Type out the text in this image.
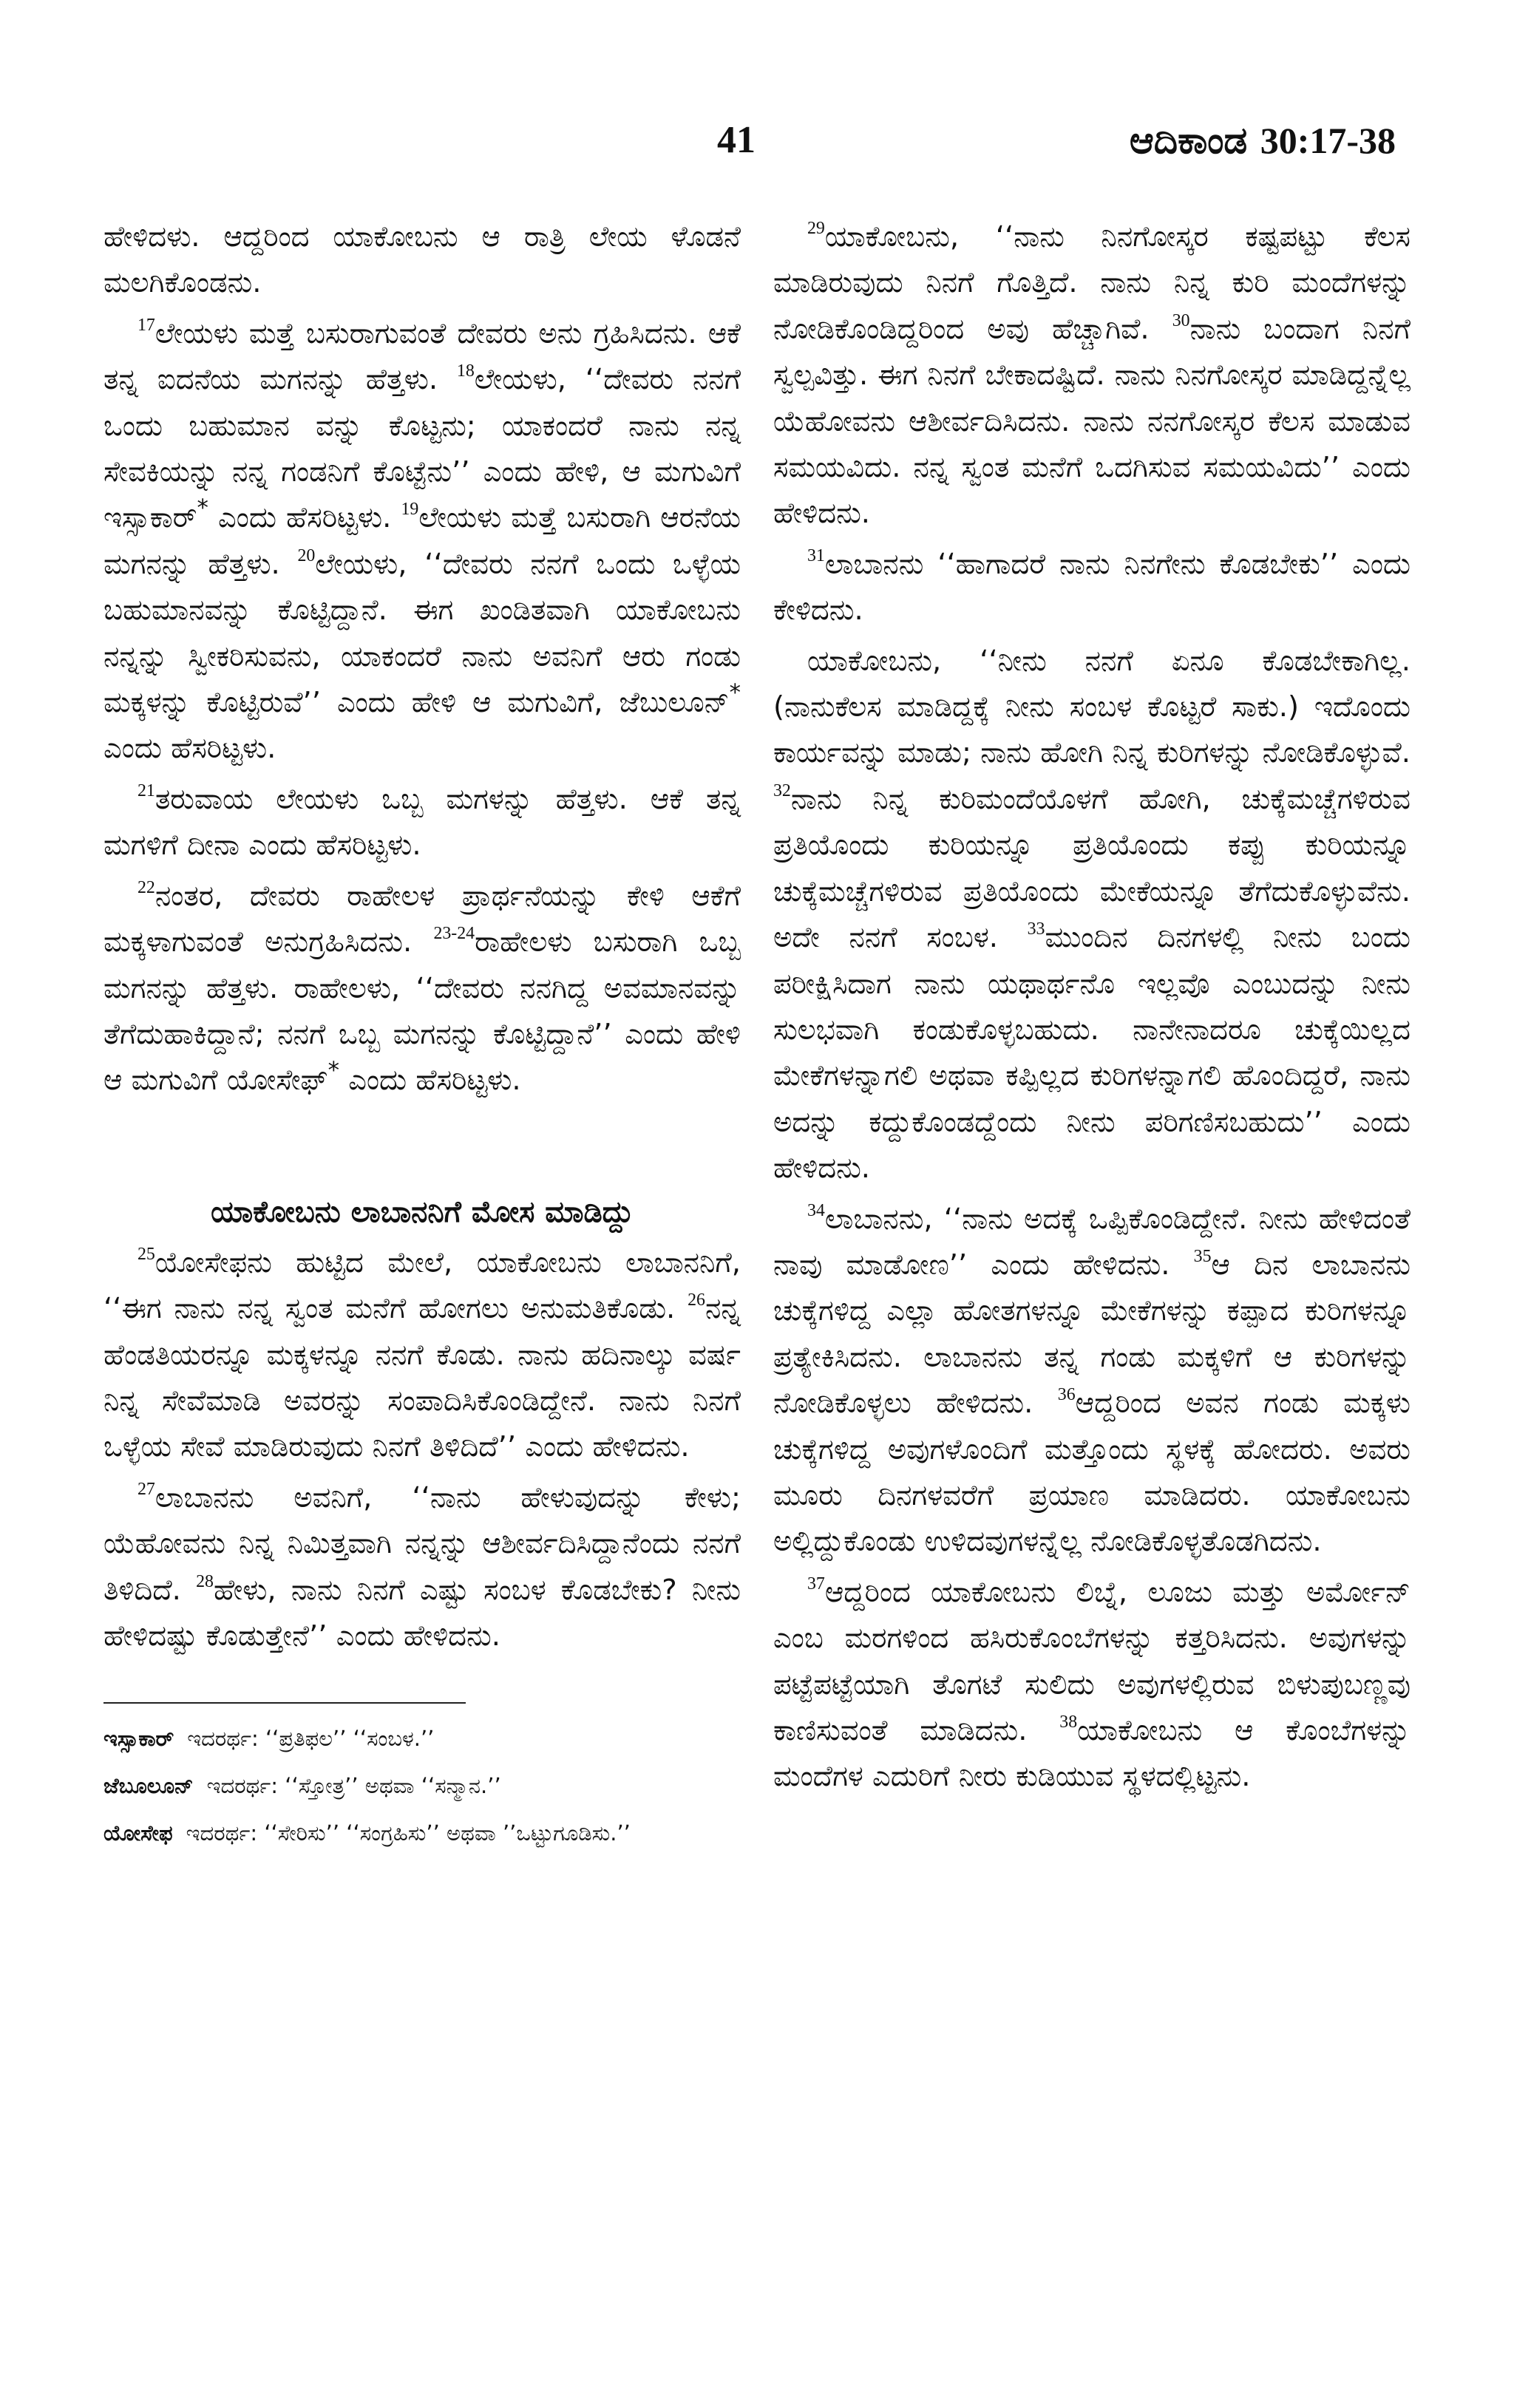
41	ಆದಿಕಾಂಡ 30:17-38

ಹೇಳಿದಳು. ಆದ್ದರಿಂದ ಯಾಕೋಬನು ಆ ರಾತ್ರಿ ಲೇಯ ಳೊಡನೆ ಮಲಗಿಕೊಂಡನು.

$^{17}$ಲೇಯಳು ಮತ್ತೆ ಬಸುರಾಗುವಂತೆ ದೇವರು ಅನು ಗ್ರಹಿಸಿದನು. ಆಕೆ ತನ್ನ ಐದನೆಯ ಮಗನನ್ನು ಹೆತ್ತಳು. $^{18}$ಲೇಯಳು, ‘‘ದೇವರು ನನಗೆ ಒಂದು ಬಹುಮಾನ ವನ್ನು ಕೊಟ್ಟನು; ಯಾಕಂದರೆ ನಾನು ನನ್ನ ಸೇವಕಿಯನ್ನು ನನ್ನ ಗಂಡನಿಗೆ ಕೊಟ್ಟೆನು’’ ಎಂದು ಹೇಳಿ, ಆ ಮಗುವಿಗೆ ಇಸ್ಸಾಕಾರ್* ಎಂದು ಹೆಸರಿಟ್ಟಳು. $^{19}$ಲೇಯಳು ಮತ್ತೆ ಬಸುರಾಗಿ ಆರನೆಯ ಮಗನನ್ನು ಹೆತ್ತಳು. $^{20}$ಲೇಯಳು, ‘‘ದೇವರು ನನಗೆ ಒಂದು ಒಳ್ಳೆಯ ಬಹುಮಾನವನ್ನು ಕೊಟ್ಟಿದ್ದಾನೆ. ಈಗ ಖಂಡಿತವಾಗಿ ಯಾಕೋಬನು ನನ್ನನ್ನು ಸ್ವೀಕರಿಸುವನು, ಯಾಕಂದರೆ ನಾನು ಅವನಿಗೆ ಆರು ಗಂಡು ಮಕ್ಕಳನ್ನು ಕೊಟ್ಟಿರುವೆ’’ ಎಂದು ಹೇಳಿ ಆ ಮಗುವಿಗೆ, ಜೆಬುಲೂನ್* ಎಂದು ಹೆಸರಿಟ್ಟಳು.

$^{21}$ತರುವಾಯ ಲೇಯಳು ಒಬ್ಬ ಮಗಳನ್ನು ಹೆತ್ತಳು. ಆಕೆ ತನ್ನ ಮಗಳಿಗೆ ದೀನಾ ಎಂದು ಹೆಸರಿಟ್ಟಳು.

$^{22}$ನಂತರ, ದೇವರು ರಾಹೇಲಳ ಪ್ರಾರ್ಥನೆಯನ್ನು ಕೇಳಿ ಆಕೆಗೆ ಮಕ್ಕಳಾಗುವಂತೆ ಅನುಗ್ರಹಿಸಿದನು. $^{23-24}$ರಾಹೇಲಳು ಬಸುರಾಗಿ ಒಬ್ಬ ಮಗನನ್ನು ಹೆತ್ತಳು. ರಾಹೇಲಳು, ‘‘ದೇವರು ನನಗಿದ್ದ ಅವಮಾನವನ್ನು ತೆಗೆದುಹಾಕಿದ್ದಾನೆ; ನನಗೆ ಒಬ್ಬ ಮಗನನ್ನು ಕೊಟ್ಟಿದ್ದಾನೆ’’ ಎಂದು ಹೇಳಿ ಆ ಮಗುವಿಗೆ ಯೋಸೇಫ್* ಎಂದು ಹೆಸರಿಟ್ಟಳು.

ಯಾಕೋಬನು ಲಾಬಾನನಿಗೆ ಮೋಸ ಮಾಡಿದ್ದು

$^{25}$ಯೋಸೇಫನು ಹುಟ್ಟಿದ ಮೇಲೆ, ಯಾಕೋಬನು ಲಾಬಾನನಿಗೆ, ‘‘ಈಗ ನಾನು ನನ್ನ ಸ್ವಂತ ಮನೆಗೆ ಹೋಗಲು ಅನುಮತಿಕೊಡು. $^{26}$ನನ್ನ ಹೆಂಡತಿಯರನ್ನೂ ಮಕ್ಕಳನ್ನೂ ನನಗೆ ಕೊಡು. ನಾನು ಹದಿನಾಲ್ಕು ವರ್ಷ ನಿನ್ನ ಸೇವೆಮಾಡಿ ಅವರನ್ನು ಸಂಪಾದಿಸಿಕೊಂಡಿದ್ದೇನೆ. ನಾನು ನಿನಗೆ ಒಳ್ಳೆಯ ಸೇವೆ ಮಾಡಿರುವುದು ನಿನಗೆ ತಿಳಿದಿದೆ’’ ಎಂದು ಹೇಳಿದನು.

$^{27}$ಲಾಬಾನನು ಅವನಿಗೆ, ‘‘ನಾನು ಹೇಳುವುದನ್ನು ಕೇಳು; ಯೆಹೋವನು ನಿನ್ನ ನಿಮಿತ್ತವಾಗಿ ನನ್ನನ್ನು ಆಶೀರ್ವದಿಸಿದ್ದಾನೆಂದು ನನಗೆ ತಿಳಿದಿದೆ. $^{28}$ಹೇಳು, ನಾನು ನಿನಗೆ ಎಷ್ಟು ಸಂಬಳ ಕೊಡಬೇಕು? ನೀನು ಹೇಳಿದಷ್ಟು ಕೊಡುತ್ತೇನೆ’’ ಎಂದು ಹೇಳಿದನು.

ಇಸ್ಸಾಕಾರ್ ಇದರರ್ಥ: ‘‘ಪ್ರತಿಫಲ’’ ‘‘ಸಂಬಳ.’’

ಜೆಬೂಲೂನ್ ಇದರರ್ಥ: ‘‘ಸ್ತೋತ್ರ’’ ಅಥವಾ ‘‘ಸನ್ಮಾನ.’’

ಯೋಸೇಫ ಇದರರ್ಥ: ‘‘ಸೇರಿಸು’’ ‘‘ಸಂಗ್ರಹಿಸು’’ ಅಥವಾ ’’ಒಟ್ಟುಗೂಡಿಸು.’’

$^{29}$ಯಾಕೋಬನು, ‘‘ನಾನು ನಿನಗೋಸ್ಕರ ಕಷ್ಟಪಟ್ಟು ಕೆಲಸ ಮಾಡಿರುವುದು ನಿನಗೆ ಗೊತ್ತಿದೆ. ನಾನು ನಿನ್ನ ಕುರಿ ಮಂದೆಗಳನ್ನು ನೋಡಿಕೊಂಡಿದ್ದರಿಂದ ಅವು ಹೆಚ್ಚಾಗಿವೆ. $^{30}$ನಾನು ಬಂದಾಗ ನಿನಗೆ ಸ್ವಲ್ಪವಿತ್ತು. ಈಗ ನಿನಗೆ ಬೇಕಾದಷ್ಟಿದೆ. ನಾನು ನಿನಗೋಸ್ಕರ ಮಾಡಿದ್ದನ್ನೆಲ್ಲ ಯೆಹೋವನು ಆಶೀರ್ವದಿಸಿದನು. ನಾನು ನನಗೋಸ್ಕರ ಕೆಲಸ ಮಾಡುವ ಸಮಯವಿದು. ನನ್ನ ಸ್ವಂತ ಮನೆಗೆ ಒದಗಿಸುವ ಸಮಯವಿದು’’ ಎಂದು ಹೇಳಿದನು.

$^{31}$ಲಾಬಾನನು ‘‘ಹಾಗಾದರೆ ನಾನು ನಿನಗೇನು ಕೊಡಬೇಕು’’ ಎಂದು ಕೇಳಿದನು.

ಯಾಕೋಬನು, ‘‘ನೀನು ನನಗೆ ಏನೂ ಕೊಡಬೇಕಾಗಿಲ್ಲ. (ನಾನುಕೆಲಸ ಮಾಡಿದ್ದಕ್ಕೆ ನೀನು ಸಂಬಳ ಕೊಟ್ಟರೆ ಸಾಕು.) ಇದೊಂದು ಕಾರ್ಯವನ್ನು ಮಾಡು; ನಾನು ಹೋಗಿ ನಿನ್ನ ಕುರಿಗಳನ್ನು ನೋಡಿಕೊಳ್ಳುವೆ. $^{32}$ನಾನು ನಿನ್ನ ಕುರಿಮಂದೆಯೊಳಗೆ ಹೋಗಿ, ಚುಕ್ಕೆಮಚ್ಚೆಗಳಿರುವ ಪ್ರತಿಯೊಂದು ಕುರಿಯನ್ನೂ ಪ್ರತಿಯೊಂದು ಕಪ್ಪು ಕುರಿಯನ್ನೂ ಚುಕ್ಕೆಮಚ್ಚೆಗಳಿರುವ ಪ್ರತಿಯೊಂದು ಮೇಕೆಯನ್ನೂ ತೆಗೆದುಕೊಳ್ಳುವೆನು. ಅದೇ ನನಗೆ ಸಂಬಳ. $^{33}$ಮುಂದಿನ ದಿನಗಳಲ್ಲಿ ನೀನು ಬಂದು ಪರೀಕ್ಷಿಸಿದಾಗ ನಾನು ಯಥಾರ್ಥನೊ ಇಲ್ಲವೊ ಎಂಬುದನ್ನು ನೀನು ಸುಲಭವಾಗಿ ಕಂಡುಕೊಳ್ಳಬಹುದು. ನಾನೇನಾದರೂ ಚುಕ್ಕೆಯಿಲ್ಲದ ಮೇಕೆಗಳನ್ನಾಗಲಿ ಅಥವಾ ಕಪ್ಪಿಲ್ಲದ ಕುರಿಗಳನ್ನಾಗಲಿ ಹೊಂದಿದ್ದರೆ, ನಾನು ಅದನ್ನು ಕದ್ದುಕೊಂಡದ್ದೆಂದು ನೀನು ಪರಿಗಣಿಸಬಹುದು’’ ಎಂದು ಹೇಳಿದನು.

$^{34}$ಲಾಬಾನನು, ‘‘ನಾನು ಅದಕ್ಕೆ ಒಪ್ಪಿಕೊಂಡಿದ್ದೇನೆ. ನೀನು ಹೇಳಿದಂತೆ ನಾವು ಮಾಡೋಣ’’ ಎಂದು ಹೇಳಿದನು. $^{35}$ಆ ದಿನ ಲಾಬಾನನು ಚುಕ್ಕೆಗಳಿದ್ದ ಎಲ್ಲಾ ಹೋತಗಳನ್ನೂ ಮೇಕೆಗಳನ್ನು ಕಪ್ಪಾದ ಕುರಿಗಳನ್ನೂ ಪ್ರತ್ಯೇಕಿಸಿದನು. ಲಾಬಾನನು ತನ್ನ ಗಂಡು ಮಕ್ಕಳಿಗೆ ಆ ಕುರಿಗಳನ್ನು ನೋಡಿಕೊಳ್ಳಲು ಹೇಳಿದನು. $^{36}$ಆದ್ದರಿಂದ ಅವನ ಗಂಡು ಮಕ್ಕಳು ಚುಕ್ಕೆಗಳಿದ್ದ ಅವುಗಳೊಂದಿಗೆ ಮತ್ತೊಂದು ಸ್ಥಳಕ್ಕೆ ಹೋದರು. ಅವರು ಮೂರು ದಿನಗಳವರೆಗೆ ಪ್ರಯಾಣ ಮಾಡಿದರು. ಯಾಕೋಬನು ಅಲ್ಲಿದ್ದುಕೊಂಡು ಉಳಿದವುಗಳನ್ನೆಲ್ಲ ನೋಡಿಕೊಳ್ಳತೊಡಗಿದನು.

$^{37}$ಆದ್ದರಿಂದ ಯಾಕೋಬನು ಲಿಬ್ನೆ, ಲೂಜು ಮತ್ತು ಅರ್ಮೋನ್ ಎಂಬ ಮರಗಳಿಂದ ಹಸಿರುಕೊಂಬೆಗಳನ್ನು ಕತ್ತರಿಸಿದನು. ಅವುಗಳನ್ನು ಪಟ್ಟೆಪಟ್ಟೆಯಾಗಿ ತೊಗಟೆ ಸುಲಿದು ಅವುಗಳಲ್ಲಿರುವ ಬಿಳುಪುಬಣ್ಣವು ಕಾಣಿಸುವಂತೆ ಮಾಡಿದನು. $^{38}$ಯಾಕೋಬನು ಆ ಕೊಂಬೆಗಳನ್ನು ಮಂದೆಗಳ ಎದುರಿಗೆ ನೀರು ಕುಡಿಯುವ ಸ್ಥಳದಲ್ಲಿಟ್ಟನು.
